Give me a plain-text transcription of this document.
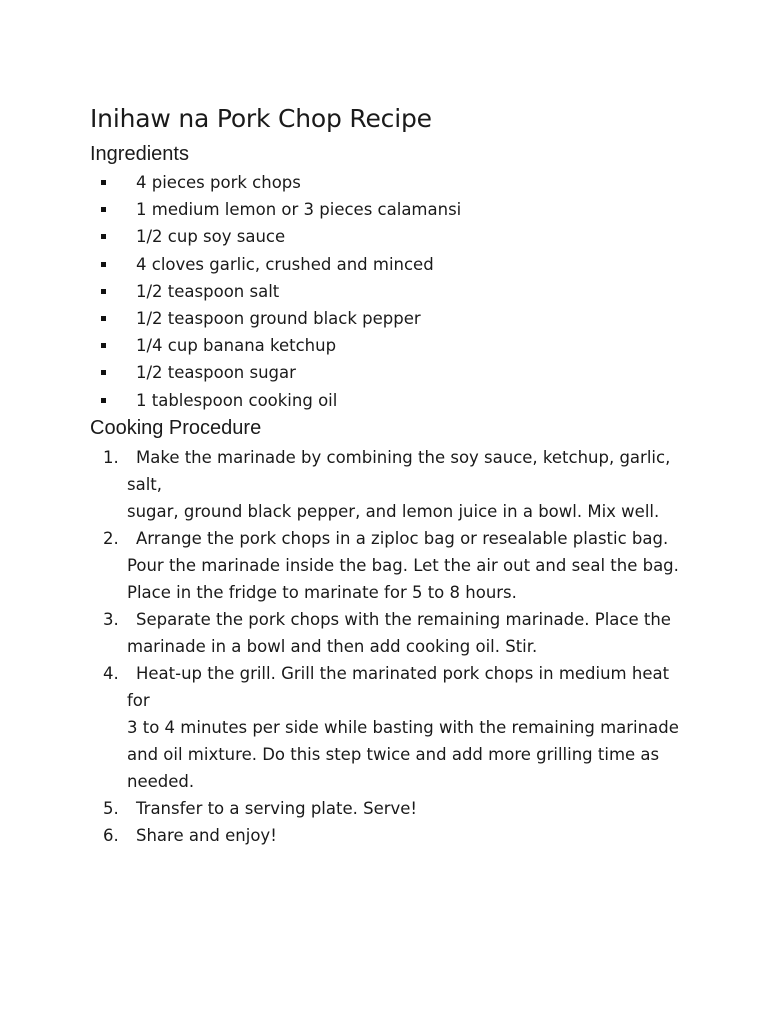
Inihaw na Pork Chop Recipe
Ingredients
4 pieces pork chops
1 medium lemon or 3 pieces calamansi
1/2 cup soy sauce
4 cloves garlic, crushed and minced
1/2 teaspoon salt
1/2 teaspoon ground black pepper
1/4 cup banana ketchup
1/2 teaspoon sugar
1 tablespoon cooking oil
Cooking Procedure
1.	Make the marinade by combining the soy sauce, ketchup, garlic, salt,
sugar, ground black pepper, and lemon juice in a bowl. Mix well.
2.	Arrange the pork chops in a ziploc bag or resealable plastic bag.
Pour the marinade inside the bag. Let the air out and seal the bag.
Place in the fridge to marinate for 5 to 8 hours.
3.	Separate the pork chops with the remaining marinade. Place the
marinade in a bowl and then add cooking oil. Stir.
4.	Heat-up the grill. Grill the marinated pork chops in medium heat for
3 to 4 minutes per side while basting with the remaining marinade
and oil mixture. Do this step twice and add more grilling time as
needed.
5.	Transfer to a serving plate. Serve!
6.	Share and enjoy!
